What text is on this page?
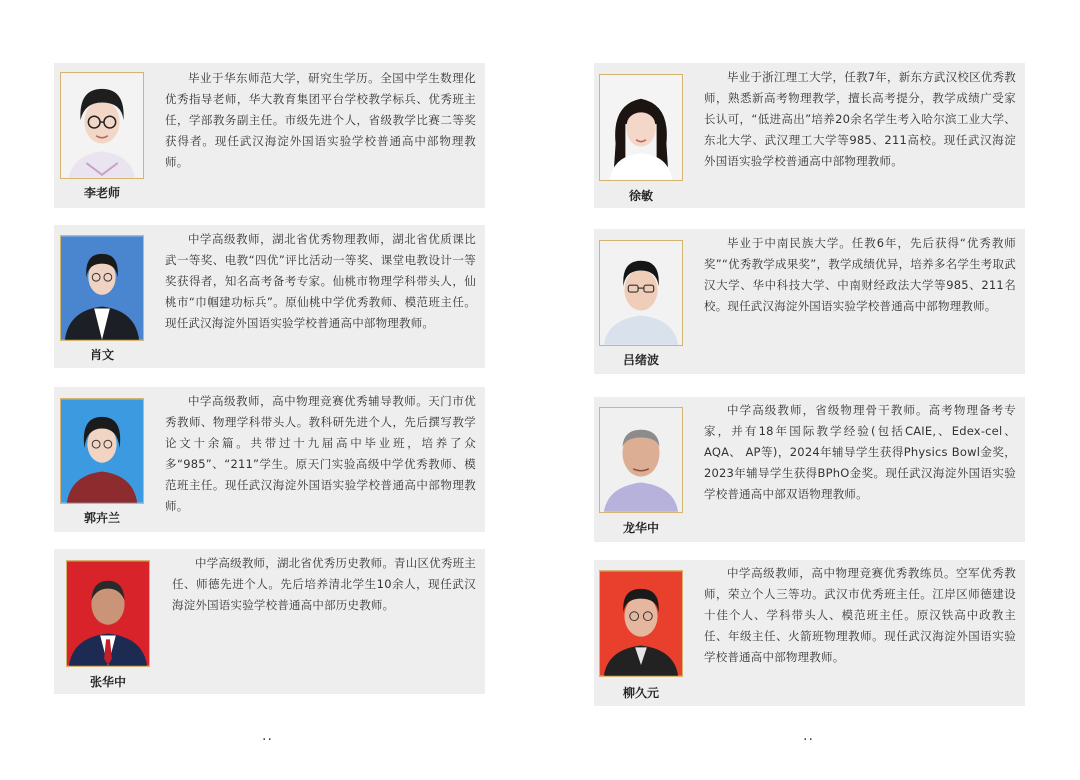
李老师

毕业于华东师范大学，研究生学历。全国中学生数理化优秀指导老师，华大教育集团平台学校教学标兵、优秀班主任，学部教务副主任。市级先进个人，省级教学比赛二等奖获得者。现任武汉海淀外国语实验学校普通高中部物理教师。

肖文

中学高级教师，湖北省优秀物理教师，湖北省优质课比武一等奖、电教“四优”评比活动一等奖、课堂电教设计一等奖获得者，知名高考备考专家。仙桃市物理学科带头人，仙桃市“巾帼建功标兵”。原仙桃中学优秀教师、模范班主任。现任武汉海淀外国语实验学校普通高中部物理教师。

郭卉兰

中学高级教师，高中物理竞赛优秀辅导教师。天门市优秀教师、物理学科带头人。教科研先进个人，先后撰写教学论文十余篇。共带过十九届高中毕业班，培养了众多“985”、“211”学生。原天门实验高级中学优秀教师、模范班主任。现任武汉海淀外国语实验学校普通高中部物理教师。

张华中

中学高级教师，湖北省优秀历史教师。青山区优秀班主任、师德先进个人。先后培养清北学生10余人，现任武汉海淀外国语实验学校普通高中部历史教师。

徐敏

毕业于浙江理工大学，任教7年，新东方武汉校区优秀教师，熟悉新高考物理教学，擅长高考提分，教学成绩广受家长认可，“低进高出”培养20余名学生考入哈尔滨工业大学、东北大学、武汉理工大学等985、211高校。现任武汉海淀外国语实验学校普通高中部物理教师。

吕绪波

毕业于中南民族大学。任教6年，先后获得“优秀教师奖”“优秀教学成果奖”，教学成绩优异，培养多名学生考取武汉大学、华中科技大学、中南财经政法大学等985、211名校。现任武汉海淀外国语实验学校普通高中部物理教师。

龙华中

中学高级教师，省级物理骨干教师。高考物理备考专家，并有18年国际教学经验(包括CAIE,、Edex-cel、 AQA、 AP等)，2024年辅导学生获得Physics Bowl金奖，2023年辅导学生获得BPhO金奖。现任武汉海淀外国语实验学校普通高中部双语物理教师。

柳久元

中学高级教师，高中物理竞赛优秀教练员。空军优秀教师，荣立个人三等功。武汉市优秀班主任。江岸区师德建设十佳个人、学科带头人、模范班主任。原汉铁高中政教主任、年级主任、火箭班物理教师。现任武汉海淀外国语实验学校普通高中部物理教师。

..	..
